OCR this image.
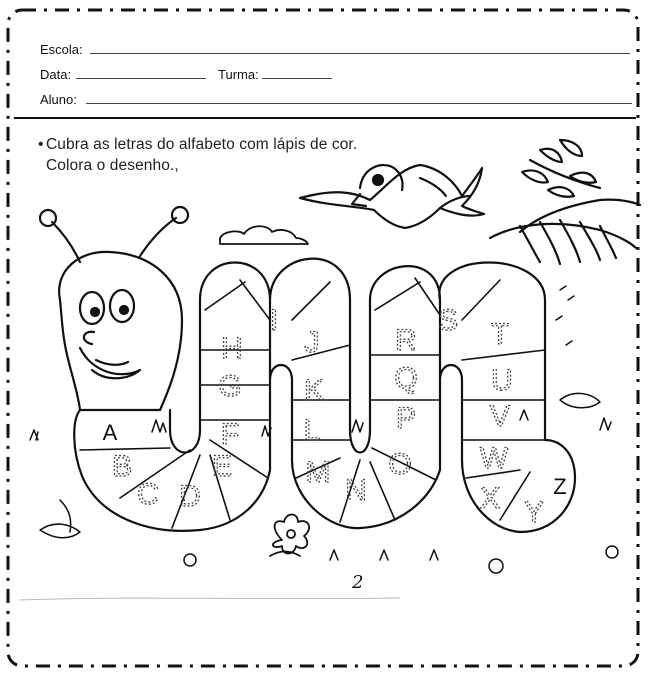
Escola:
Data:	Turma:
Aluno:
• Cubra as letras do alfabeto com lápis de cor.
Colora o desenho.,
A
B
C D
E
F
G
H
I
J
K
L
M
N
O
P
Q
R
S T
U
V
W
X Y
Z
2
